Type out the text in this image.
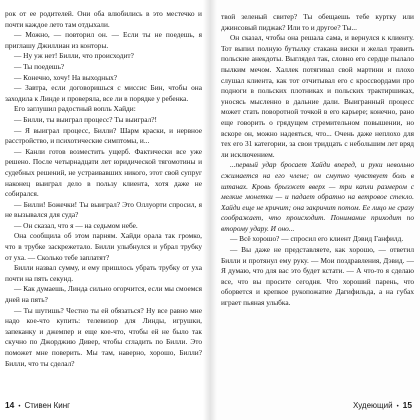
рок от ее родителей. Они оба влюбились в это местечко и почти каждое лето там отдыхали.

— Можно, — повторил он. — Если ты не поедешь, я приглашу Джиллиан из конторы.

— Ну уж нет! Билли, что происходит?

— Ты поедешь?

— Конечно, хочу! На выходных?

— Завтра, если договоришься с миссис Бин, чтобы она заходила к Линде и проверяла, все ли в порядке у ребенка.

Его заглушил радостный вопль Хайди:

— Билли, ты выиграл процесс? Ты выиграл?!

— Я выиграл процесс, Билли? Шарм краски, и нервное расстройство, и психотические симптомы, и...

— Канли готов возместить ущерб. Фактически все уже решено. После четырнадцати лет юридической тягомотины и судебных решений, не устраивавших никого, этот свой супруг наконец выиграл дело в пользу клиента, хотя даже не собирался.

— Билли! Божечки! Ты выиграл? Это Оллуорти спросил, я не вызывался для суда?

— Он сказал, что я — на седьмом небе.

Она сообщила об этом парням. Хайди орала так громко, что в трубке заскрежетало. Билли улыбнулся и убрал трубку от уха. — Сколько тебе заплатят?

Билли назвал сумму, и ему пришлось убрать трубку от уха почти на пять секунд.

— Как думаешь, Линда сильно огорчится, если мы смоемся дней на пять?

— Ты шутишь? Честно ты ей обязаться? Ну все равно мне надо кое-что купить: телевизор для Линды, игрушки, запеканку и джемпер и еще кое-что, чтобы ей не было так скучно по Джорджию Дивер, чтобы сгладить по Билли. Это поможет мне поверить. Мы там, наверно, хорошо, Билли? Билли, что ты сделал?

14 • Стивен Кинг

твой зеленый свитер? Ты обещаешь тебе куртку или джинсовый пиджак? Или то и другое? Ты...

Он сказал, чтобы она решала сама, и вернулся к клиенту. Тот выпил полную бутылку стакана виски и желал травить польские анекдоты. Выглядел так, словно его сердце пылало пылким мечом. Халлек потягивал свой мартини и плохо слушал клиента, как тот отчитывал его с кроссвордами про подноги в польских плотниках и польских трактиршиках, уносясь мысленно в дальние дали. Выигранный процесс может стать поворотной точкой в его карьере; конечно, рано еще говорить о грядущем стремительном повышении, но вскоре он, можно надеяться, что... Очень даже неплохо для тех его 31 категории, за свои тридцать с небольшим лет вряд ли исключением.

...первый удар бросает Хайди вперед, и руки невольно сжимается на его члене; он смутно чувствует боль в штанах. Кровь брызжет вверх — три капли размером с мелкие монетки — и падает обратно на ветровое стекло. Хайди еще не кричит; она закричит потом. Ее лицо не сразу соображает, что происходит. Понимание приходит по второму удару. И оно...

— Всё хорошо? — спросил его клиент Дэвид Ганфилд.

— Вы даже не представляете, как хорошо, — ответил Билли и протянул ему руку. — Мои поздравления, Дэвид. — Я думаю, что для вас это будет кстати. — А что-то я сделаю все, что вы просите сегодня. Что хороший парень, что оборвется и крепкое рукопожатие Дагифильда, а на губах играет пьяная улыбка.

Худеющий • 15
